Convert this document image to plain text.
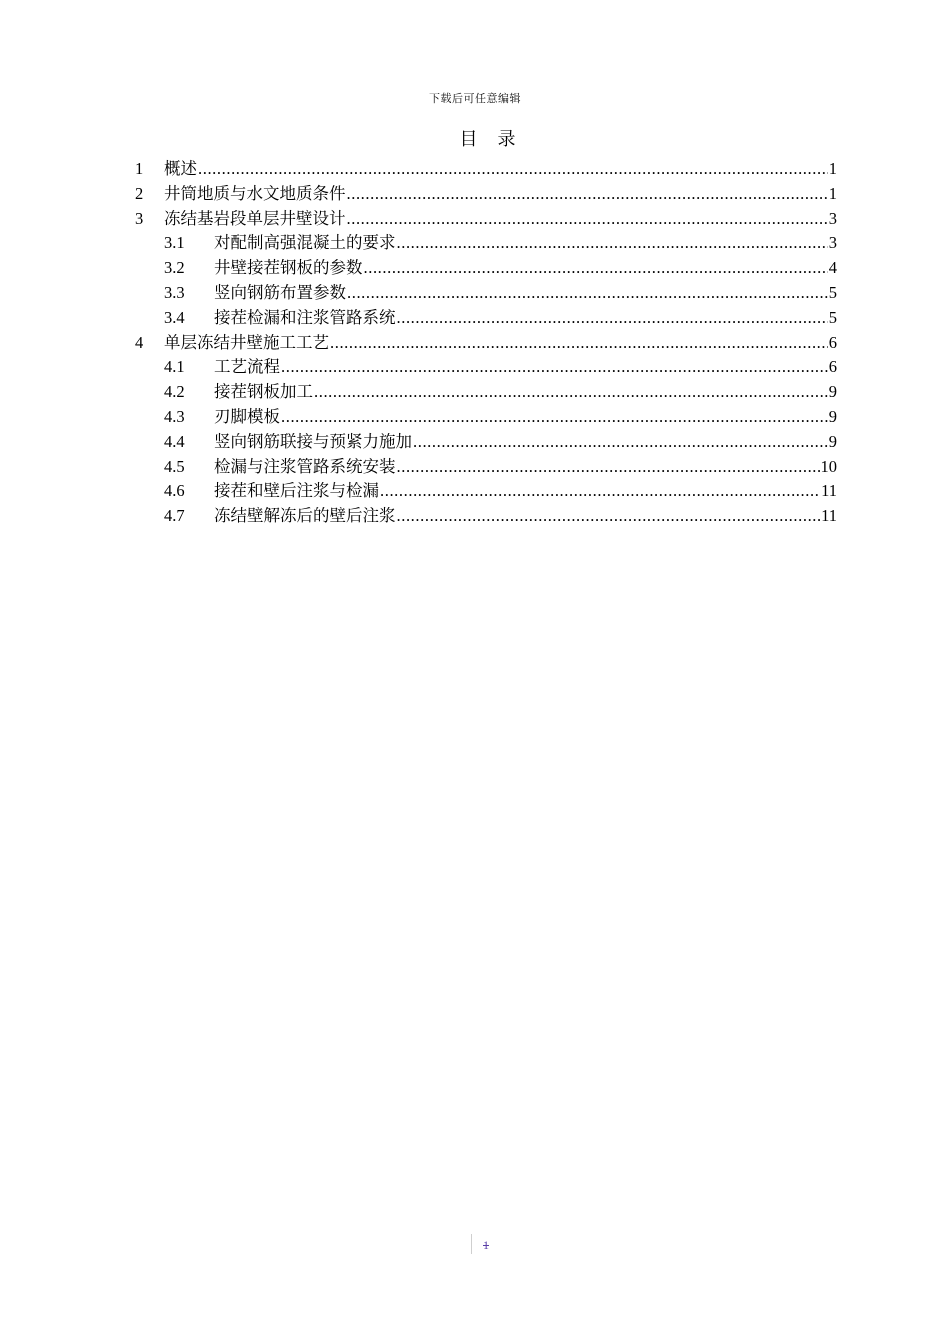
下载后可任意编辑
目 录
1	概述 .....	1
2	井筒地质与水文地质条件 .....	1
3	冻结基岩段单层井壁设计 .....	3
3.1	对配制高强混凝土的要求 .....	3
3.2	井壁接茬钢板的参数 .....	4
3.3	竖向钢筋布置参数 .....	5
3.4	接茬检漏和注浆管路系统 .....	5
4	单层冻结井壁施工工艺 .....	6
4.1	工艺流程 .....	6
4.2	接茬钢板加工 .....	9
4.3	刃脚模板 .....	9
4.4	竖向钢筋联接与预紧力施加 .....	9
4.5	检漏与注浆管路系统安装 .....	10
4.6	接茬和壁后注浆与检漏 .....	11
4.7	冻结壁解冻后的壁后注浆 .....	11
1
